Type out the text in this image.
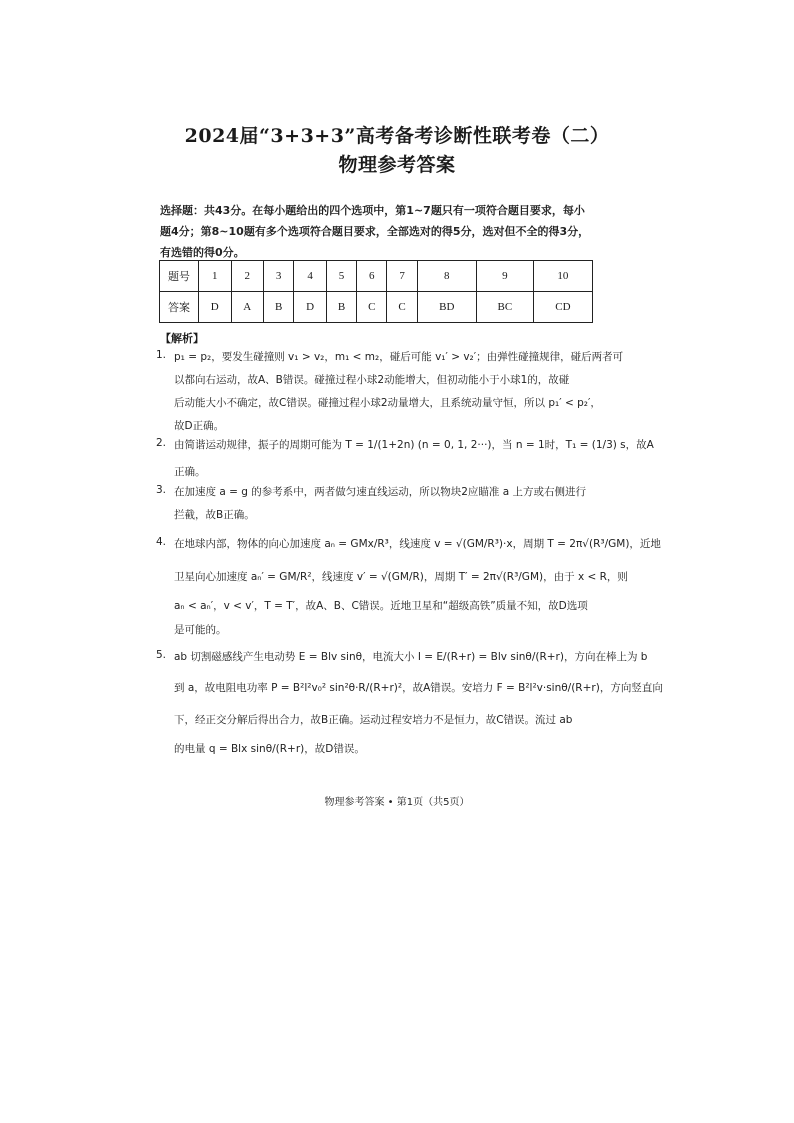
2024届“3+3+3”高考备考诊断性联考卷（二）
物理参考答案
选择题：共43分。在每小题给出的四个选项中，第1~7题只有一项符合题目要求，每小题4分；第8~10题有多个选项符合题目要求，全部选对的得5分，选对但不全的得3分，有选错的得0分。
题号	1	2	3	4	5	6	7	8	9	10
答案	D	A	B	D	B	C	C	BD	BC	CD
【解析】
1. p₁ = p₂，要发生碰撞则 v₁ > v₂，m₁ < m₂，碰后可能 v₁′ > v₂′；由弹性碰撞规律，碰后两者可
以都向右运动，故A、B错误。碰撞过程小球2动能增大，但初动能小于小球1的，故碰
后动能大小不确定，故C错误。碰撞过程小球2动量增大，且系统动量守恒，所以 p₁′ < p₂′，
故D正确。
2. 由简谐运动规律，振子的周期可能为 T = 1/(1+2n) (n = 0, 1, 2···)，当 n = 1时，T₁ = (1/3) s，故A
正确。
3. 在加速度 a = g 的参考系中，两者做匀速直线运动，所以物块2应瞄准 a 上方或右侧进行
拦截，故B正确。
4. 在地球内部，物体的向心加速度 aₙ = GMx/R³，线速度 v = √(GM/R³)·x，周期 T = 2π√(R³/GM)，近地
卫星向心加速度 aₙ′ = GM/R²，线速度 v′ = √(GM/R)，周期 T′ = 2π√(R³/GM)，由于 x < R，则
aₙ < aₙ′，v < v′，T = T′，故A、B、C错误。近地卫星和“超级高铁”质量不知，故D选项
是可能的。
5. ab 切割磁感线产生电动势 E = Blv sinθ，电流大小 I = E/(R+r) = Blv sinθ/(R+r)，方向在棒上为 b
到 a，故电阻电功率 P = B²l²v₀² sin²θ·R/(R+r)²，故A错误。安培力 F = B²l²v·sinθ/(R+r)，方向竖直向
下，经正交分解后得出合力，故B正确。运动过程安培力不是恒力，故C错误。流过 ab
的电量 q = Blx sinθ/(R+r)，故D错误。
物理参考答案 • 第1页（共5页）
